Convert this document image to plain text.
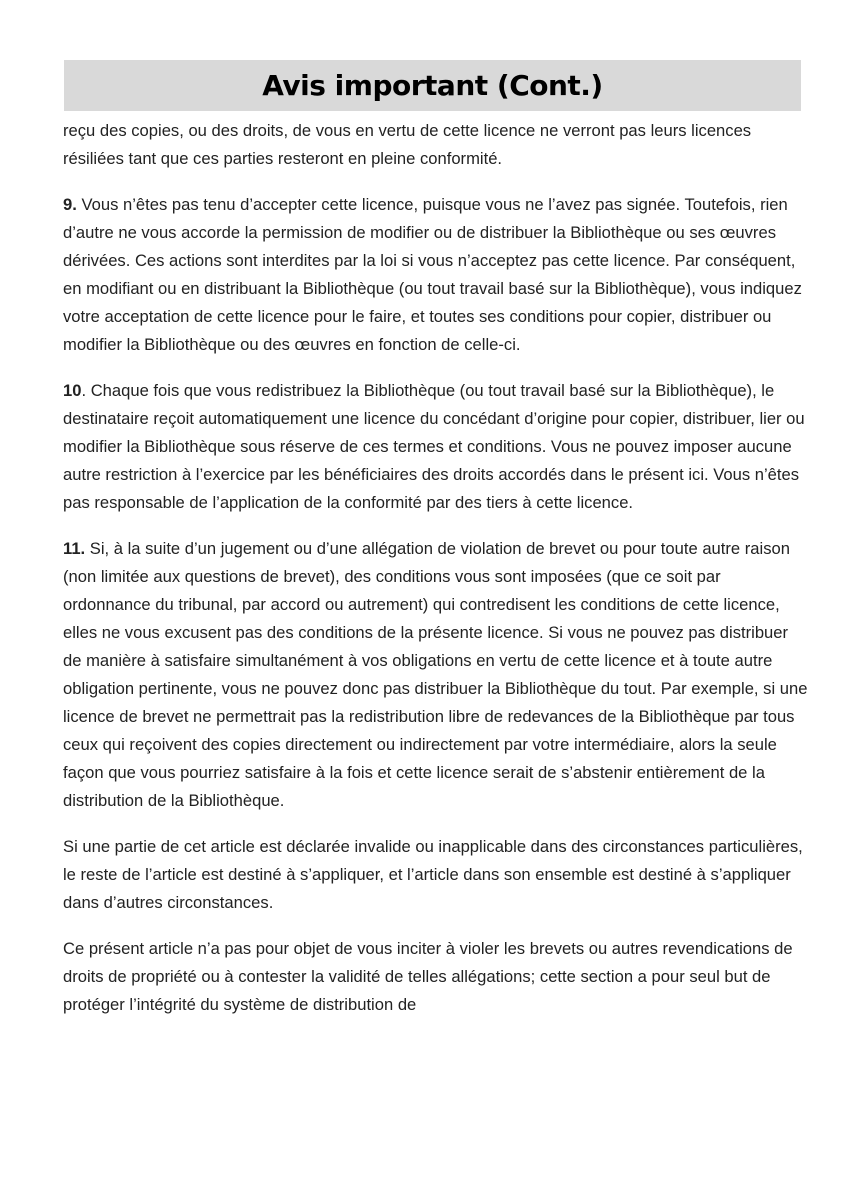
Avis important (Cont.)

reçu des copies, ou des droits, de vous en vertu de cette licence ne verront pas leurs licences résiliées tant que ces parties resteront en pleine conformité.

9. Vous n’êtes pas tenu d’accepter cette licence, puisque vous ne l’avez pas signée. Toutefois, rien d’autre ne vous accorde la permission de modifier ou de distribuer la Bibliothèque ou ses œuvres dérivées. Ces actions sont interdites par la loi si vous n’acceptez pas cette licence. Par conséquent, en modifiant ou en distribuant la Bibliothèque (ou tout travail basé sur la Bibliothèque), vous indiquez votre acceptation de cette licence pour le faire, et toutes ses conditions pour copier, distribuer ou modifier la Bibliothèque ou des œuvres en fonction de celle-ci.

10. Chaque fois que vous redistribuez la Bibliothèque (ou tout travail basé sur la Bibliothèque), le destinataire reçoit automatiquement une licence du concédant d’origine pour copier, distribuer, lier ou modifier la Bibliothèque sous réserve de ces termes et conditions. Vous ne pouvez imposer aucune autre restriction à l’exercice par les bénéficiaires des droits accordés dans le présent ici. Vous n’êtes pas responsable de l’application de la conformité par des tiers à cette licence.

11. Si, à la suite d’un jugement ou d’une allégation de violation de brevet ou pour toute autre raison (non limitée aux questions de brevet), des conditions vous sont imposées (que ce soit par ordonnance du tribunal, par accord ou autrement) qui contredisent les conditions de cette licence, elles ne vous excusent pas des conditions de la présente licence. Si vous ne pouvez pas distribuer de manière à satisfaire simultanément à vos obligations en vertu de cette licence et à toute autre obligation pertinente, vous ne pouvez donc pas distribuer la Bibliothèque du tout. Par exemple, si une licence de brevet ne permettrait pas la redistribution libre de redevances de la Bibliothèque par tous ceux qui reçoivent des copies directement ou indirectement par votre intermédiaire, alors la seule façon que vous pourriez satisfaire à la fois et cette licence serait de s’abstenir entièrement de la distribution de la Bibliothèque.

Si une partie de cet article est déclarée invalide ou inapplicable dans des circonstances particulières, le reste de l’article est destiné à s’appliquer, et l’article dans son ensemble est destiné à s’appliquer dans d’autres circonstances.

Ce présent article n’a pas pour objet de vous inciter à violer les brevets ou autres revendications de droits de propriété ou à contester la validité de telles allégations; cette section a pour seul but de protéger l’intégrité du système de distribution de
